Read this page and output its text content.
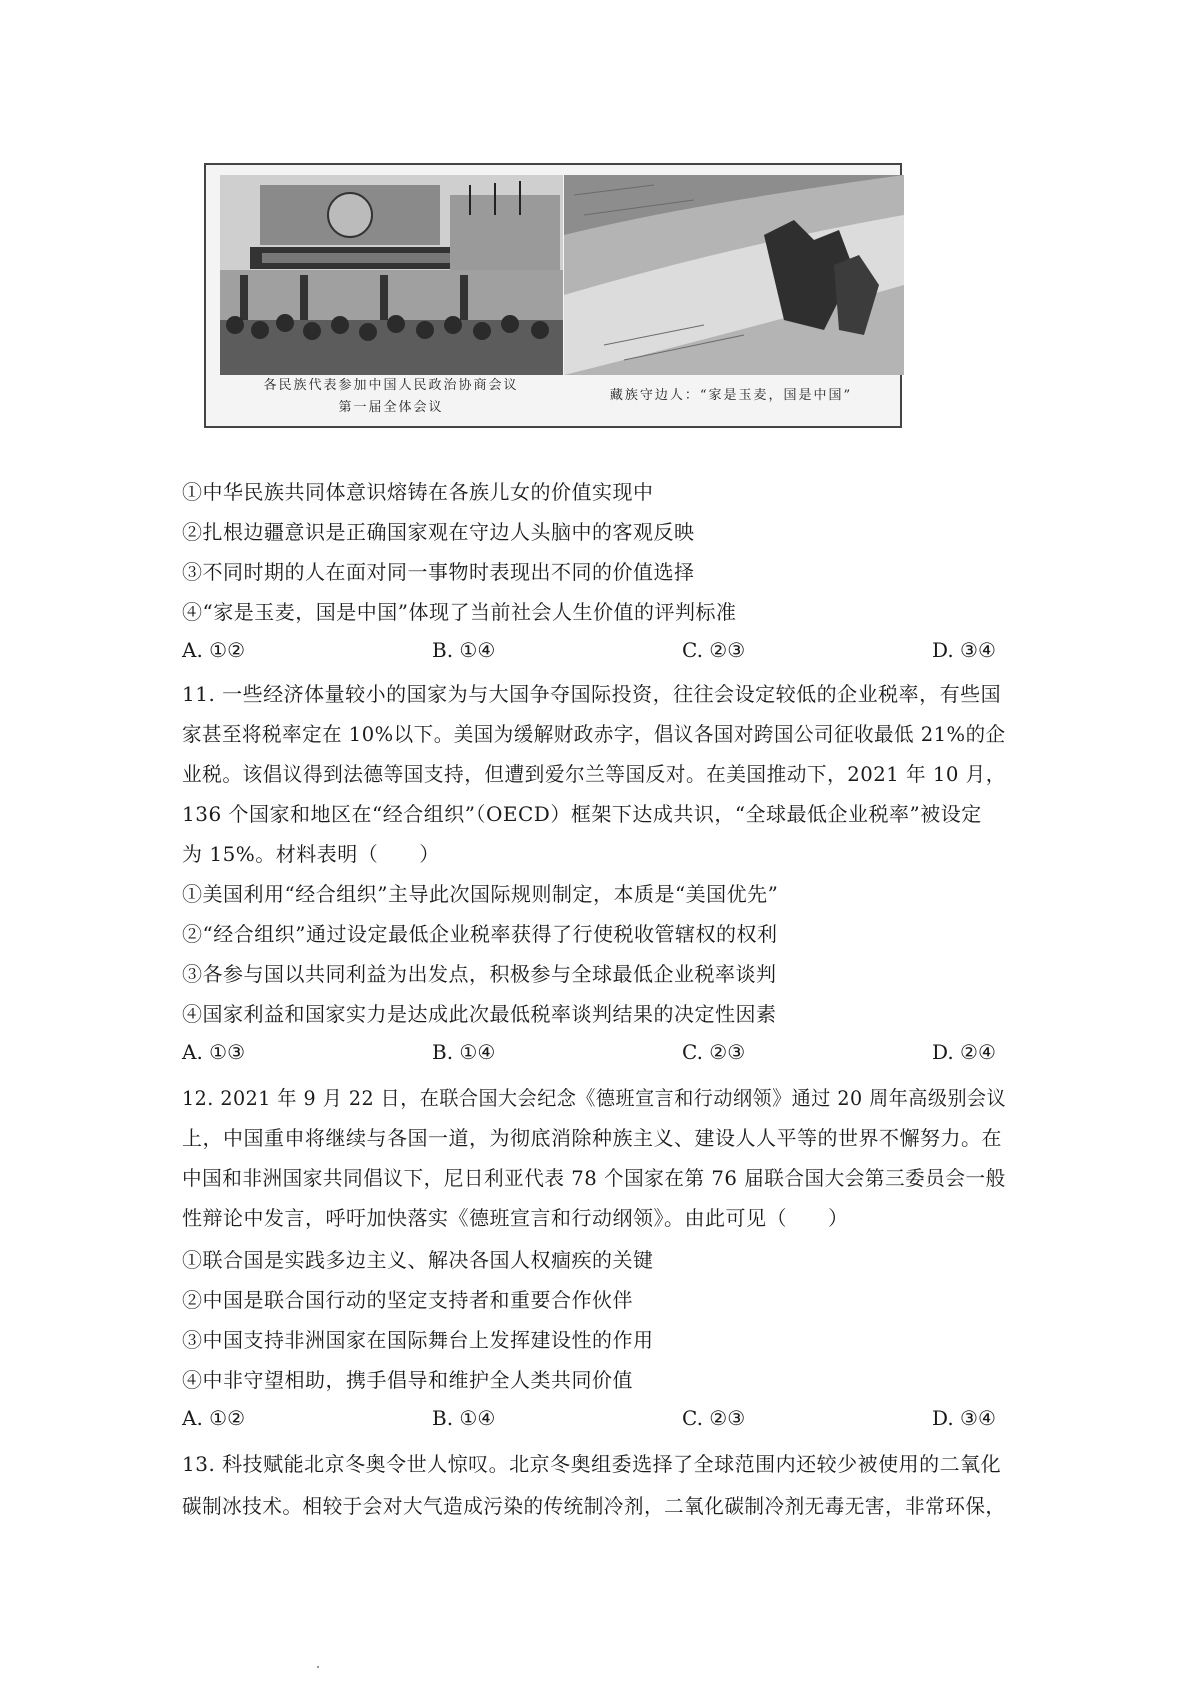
各民族代表参加中国人民政治协商会议
第一届全体会议
藏族守边人：“家是玉麦，国是中国”
①中华民族共同体意识熔铸在各族儿女的价值实现中
②扎根边疆意识是正确国家观在守边人头脑中的客观反映
③不同时期的人在面对同一事物时表现出不同的价值选择
④“家是玉麦，国是中国”体现了当前社会人生价值的评判标准
A. ①②	B. ①④	C. ②③	D. ③④
11. 一些经济体量较小的国家为与大国争夺国际投资，往往会设定较低的企业税率，有些国
家甚至将税率定在 10%以下。美国为缓解财政赤字，倡议各国对跨国公司征收最低 21%的企
业税。该倡议得到法德等国支持，但遭到爱尔兰等国反对。在美国推动下，2021 年 10 月，
136 个国家和地区在“经合组织”（OECD）框架下达成共识，“全球最低企业税率”被设定
为 15%。材料表明（　　）
①美国利用“经合组织”主导此次国际规则制定，本质是“美国优先”
②“经合组织”通过设定最低企业税率获得了行使税收管辖权的权利
③各参与国以共同利益为出发点，积极参与全球最低企业税率谈判
④国家利益和国家实力是达成此次最低税率谈判结果的决定性因素
A. ①③	B. ①④	C. ②③	D. ②④
12. 2021 年 9 月 22 日，在联合国大会纪念《德班宣言和行动纲领》通过 20 周年高级别会议
上，中国重申将继续与各国一道，为彻底消除种族主义、建设人人平等的世界不懈努力。在
中国和非洲国家共同倡议下，尼日利亚代表 78 个国家在第 76 届联合国大会第三委员会一般
性辩论中发言，呼吁加快落实《德班宣言和行动纲领》。由此可见（　　）
①联合国是实践多边主义、解决各国人权痼疾的关键
②中国是联合国行动的坚定支持者和重要合作伙伴
③中国支持非洲国家在国际舞台上发挥建设性的作用
④中非守望相助，携手倡导和维护全人类共同价值
A. ①②	B. ①④	C. ②③	D. ③④
13. 科技赋能北京冬奥令世人惊叹。北京冬奥组委选择了全球范围内还较少被使用的二氧化
碳制冰技术。相较于会对大气造成污染的传统制冷剂，二氧化碳制冷剂无毒无害，非常环保，
